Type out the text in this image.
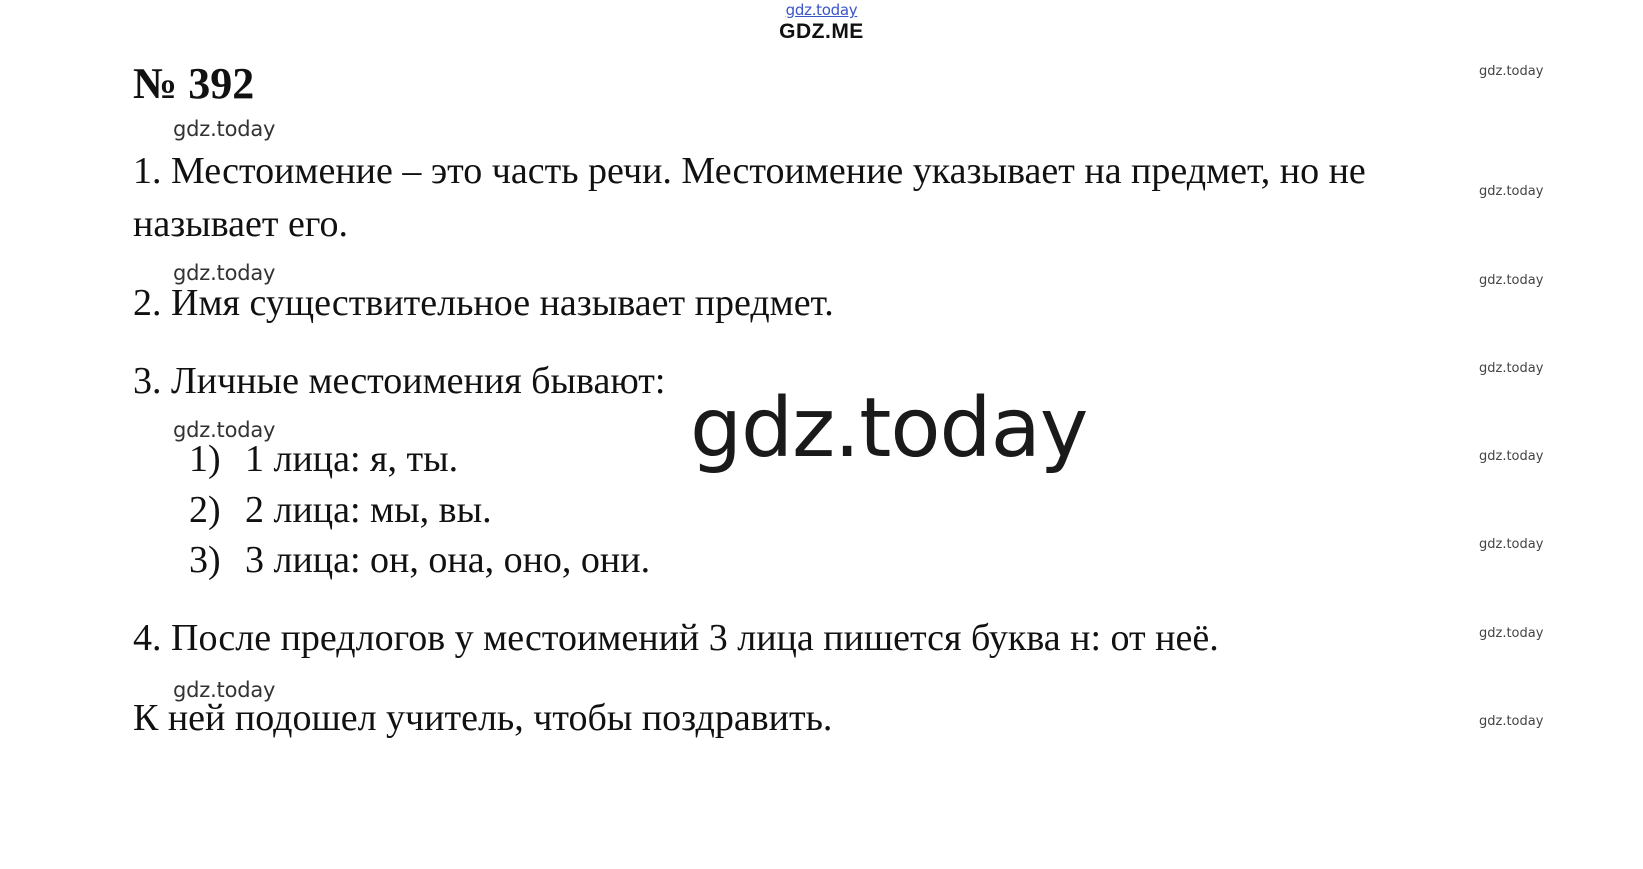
gdz.today
GDZ.ME
№ 392
gdz.today
1. Местоимение – это часть речи. Местоимение указывает на предмет, но не
называет его.
gdz.today
2. Имя существительное называет предмет.
3. Личные местоимения бывают:
gdz.today
1) 1 лица: я, ты.
2) 2 лица: мы, вы.
3) 3 лица: он, она, оно, они.
4. После предлогов у местоимений 3 лица пишется буква н: от неё.
gdz.today
К ней подошел учитель, чтобы поздравить.
gdz.today
gdz.today
gdz.today
gdz.today
gdz.today
gdz.today
gdz.today
gdz.today
gdz.today
